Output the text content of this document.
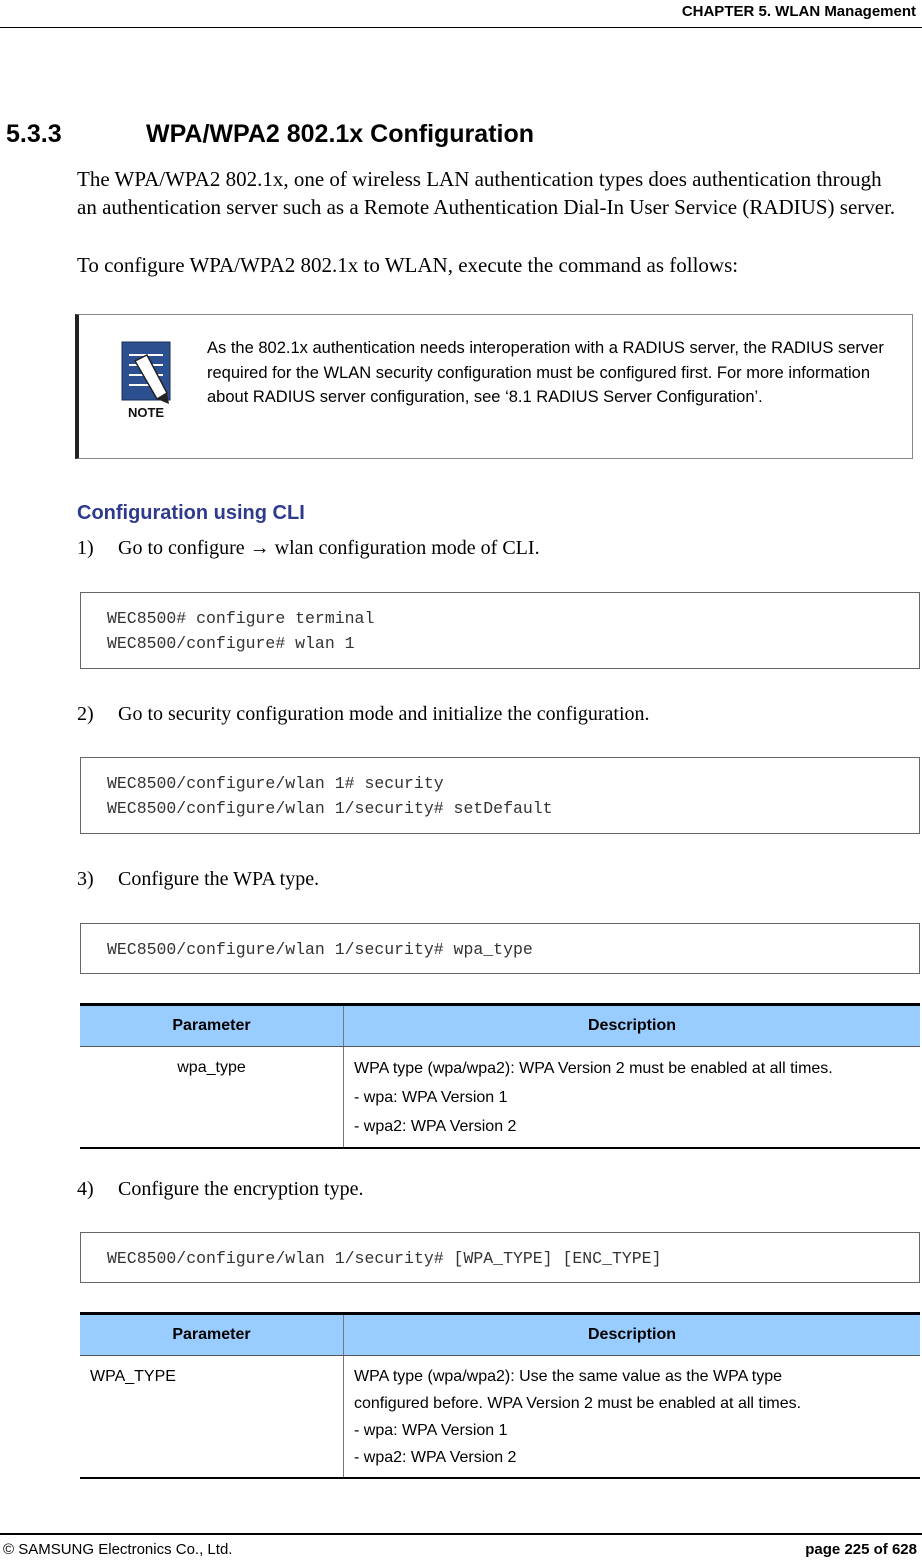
CHAPTER 5. WLAN Management
5.3.3	WPA/WPA2 802.1x Configuration
The WPA/WPA2 802.1x, one of wireless LAN authentication types does authentication through an authentication server such as a Remote Authentication Dial-In User Service (RADIUS) server.
To configure WPA/WPA2 802.1x to WLAN, execute the command as follows:
NOTE
As the 802.1x authentication needs interoperation with a RADIUS server, the RADIUS server required for the WLAN security configuration must be configured first. For more information about RADIUS server configuration, see ‘8.1 RADIUS Server Configuration’.
Configuration using CLI
1) Go to configure → wlan configuration mode of CLI.
WEC8500# configure terminal
WEC8500/configure# wlan 1
2) Go to security configuration mode and initialize the configuration.
WEC8500/configure/wlan 1# security
WEC8500/configure/wlan 1/security# setDefault
3) Configure the WPA type.
WEC8500/configure/wlan 1/security# wpa_type
Parameter	Description
wpa_type	WPA type (wpa/wpa2): WPA Version 2 must be enabled at all times.
- wpa: WPA Version 1
- wpa2: WPA Version 2
4) Configure the encryption type.
WEC8500/configure/wlan 1/security# [WPA_TYPE] [ENC_TYPE]
Parameter	Description
WPA_TYPE	WPA type (wpa/wpa2): Use the same value as the WPA type
configured before. WPA Version 2 must be enabled at all times.
- wpa: WPA Version 1
- wpa2: WPA Version 2
© SAMSUNG Electronics Co., Ltd.	page 225 of 628
